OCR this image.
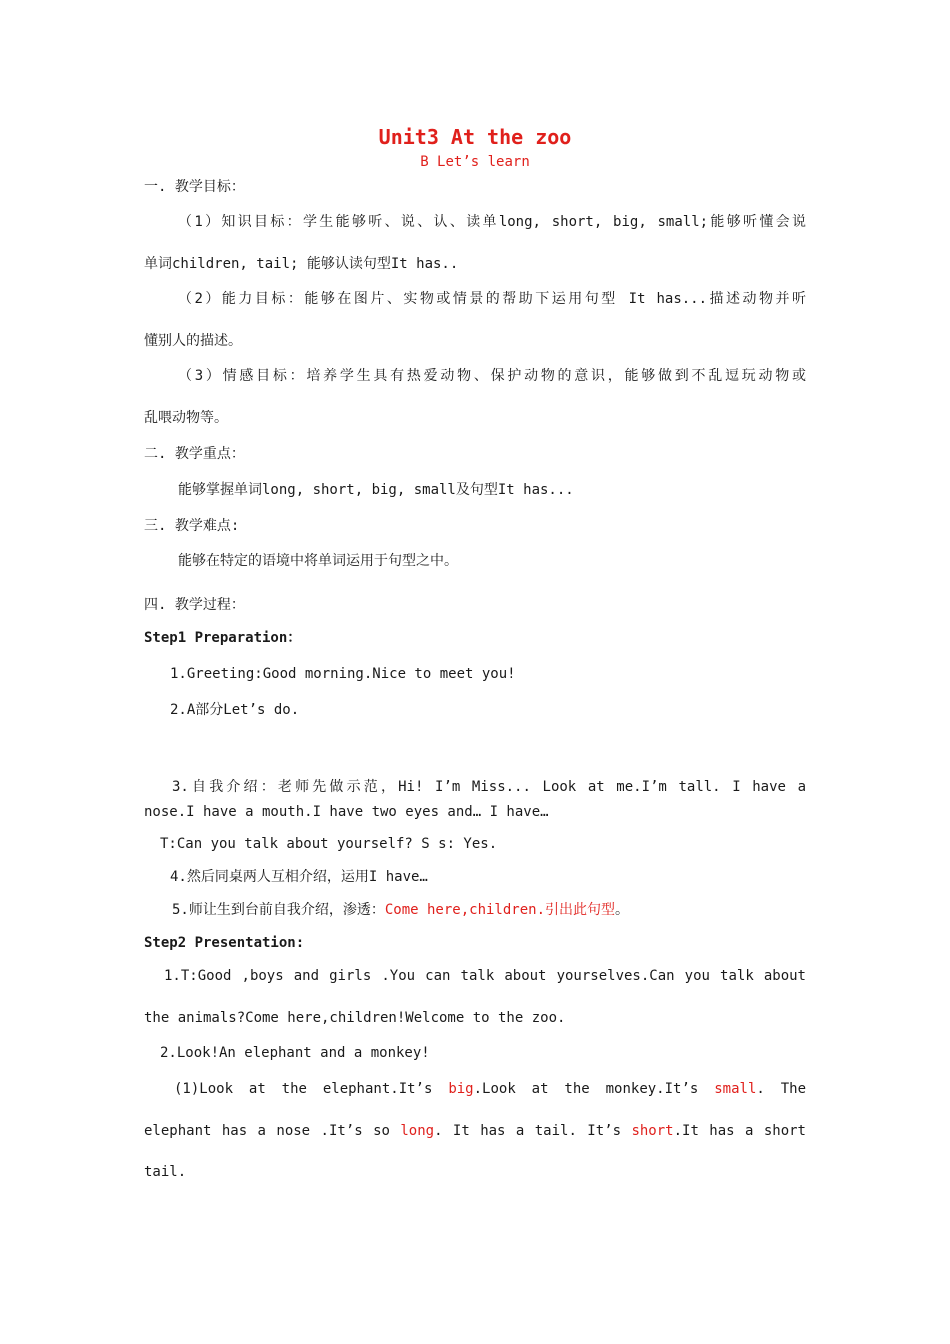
Unit3 At the zoo
B Let’s learn
一. 教学目标：
（1）知识目标：学生能够听、说、认、读单long, short, big, small;能够听懂会说
单词children, tail; 能够认读句型It has..
（2）能力目标：能够在图片、实物或情景的帮助下运用句型 It has...描述动物并听
懂别人的描述。
（3）情感目标：培养学生具有热爱动物、保护动物的意识，能够做到不乱逗玩动物或
乱喂动物等。
二. 教学重点：
能够掌握单词long, short, big, small及句型It has...
三. 教学难点:
能够在特定的语境中将单词运用于句型之中。
四. 教学过程：
Step1 Preparation：
1.Greeting:Good morning.Nice to meet you!
2.A部分Let’s do.
3.自我介绍：老师先做示范，Hi! I’m Miss... Look at me.I’m tall. I have a
nose.I have a mouth.I have two eyes and… I have…
T:Can you talk about yourself? S s: Yes.
4.然后同桌两人互相介绍，运用I have…
5.师让生到台前自我介绍，渗透：Come here,children.引出此句型。
Step2 Presentation:
1.T:Good ,boys and girls .You can talk about yourselves.Can you talk about
the animals?Come here,children!Welcome to the zoo.
2.Look!An elephant and a monkey!
(1)Look at the elephant.It’s big.Look at the monkey.It’s small. The
elephant has a nose .It’s so long. It has a tail. It’s short.It has a short
tail.
